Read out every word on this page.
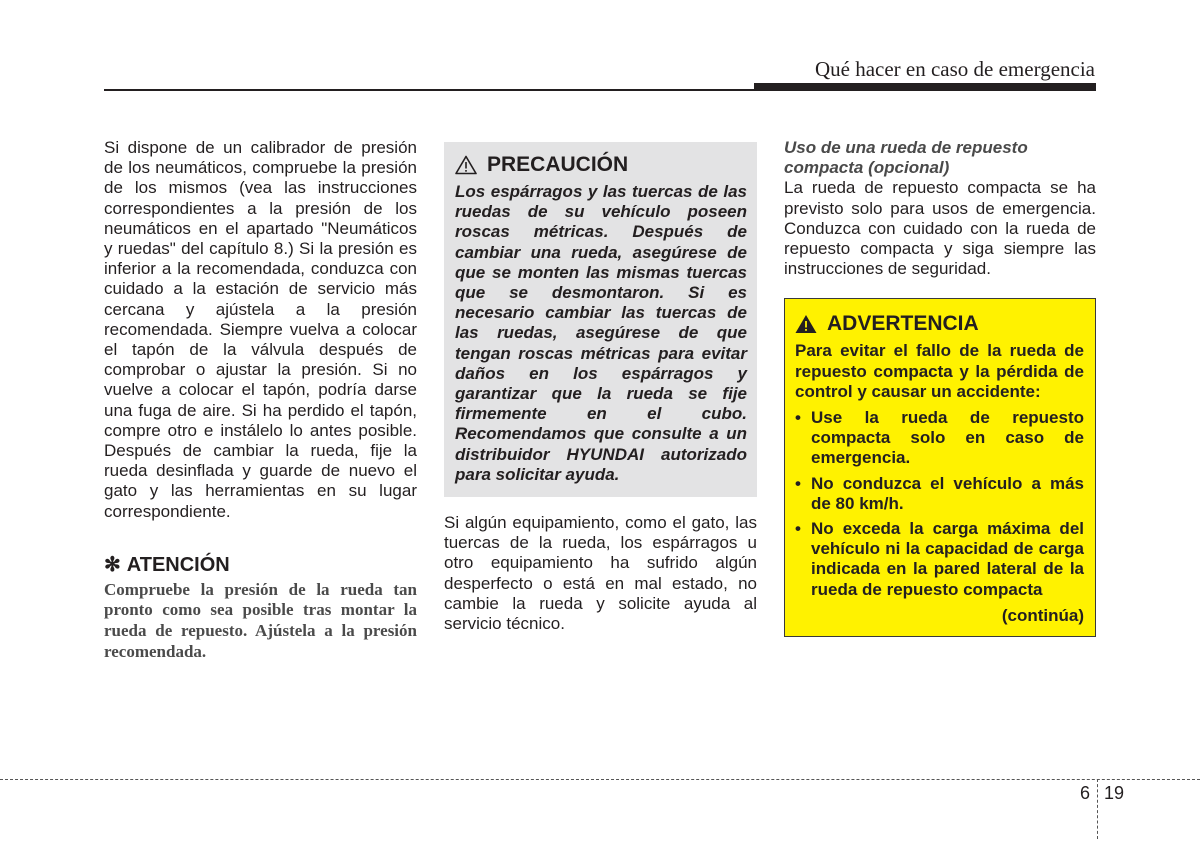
Qué hacer en caso de emergencia

Si dispone de un calibrador de presión de los neumáticos, compruebe la presión de los mismos (vea las instrucciones correspondientes a la presión de los neumáticos en el apartado "Neumáticos y ruedas" del capítulo 8.) Si la presión es inferior a la recomendada, conduzca con cuidado a la estación de servicio más cercana y ajústela a la presión recomendada. Siempre vuelva a colocar el tapón de la válvula después de comprobar o ajustar la presión. Si no vuelve a colocar el tapón, podría darse una fuga de aire. Si ha perdido el tapón, compre otro e instálelo lo antes posible. Después de cambiar la rueda, fije la rueda desinflada y guarde de nuevo el gato y las herramientas en su lugar correspondiente.

✻ ATENCIÓN

Compruebe la presión de la rueda tan pronto como sea posible tras montar la rueda de repuesto. Ajústela a la presión recomendada.

PRECAUCIÓN

Los espárragos y las tuercas de las ruedas de su vehículo poseen roscas métricas. Después de cambiar una rueda, asegúrese de que se monten las mismas tuercas que se desmontaron. Si es necesario cambiar las tuercas de las ruedas, asegúrese de que tengan roscas métricas para evitar daños en los espárragos y garantizar que la rueda se fije firmemente en el cubo. Recomendamos que consulte a un distribuidor HYUNDAI autorizado para solicitar ayuda.

Si algún equipamiento, como el gato, las tuercas de la rueda, los espárragos u otro equipamiento ha sufrido algún desperfecto o está en mal estado, no cambie la rueda y solicite ayuda al servicio técnico.

Uso de una rueda de repuesto compacta (opcional)

La rueda de repuesto compacta se ha previsto solo para usos de emergencia. Conduzca con cuidado con la rueda de repuesto compacta y siga siempre las instrucciones de seguridad.

ADVERTENCIA

Para evitar el fallo de la rueda de repuesto compacta y la pérdida de control y causar un accidente:

• Use la rueda de repuesto compacta solo en caso de emergencia.
• No conduzca el vehículo a más de 80 km/h.
• No exceda la carga máxima del vehículo ni la capacidad de carga indicada en la pared lateral de la rueda de repuesto compacta
(continúa)
6 19
